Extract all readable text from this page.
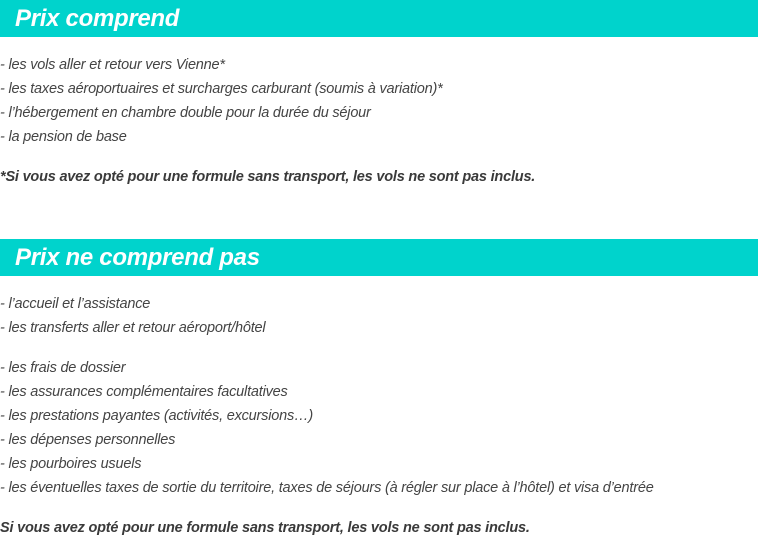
Prix comprend
- les vols aller et retour vers Vienne*
- les taxes aéroportuaires et surcharges carburant (soumis à variation)*
- l’hébergement en chambre double pour la durée du séjour
- la pension de base

*Si vous avez opté pour une formule sans transport, les vols ne sont pas inclus.

Prix ne comprend pas
- l’accueil et l’assistance
- les transferts aller et retour aéroport/hôtel
- les frais de dossier
- les assurances complémentaires facultatives
- les prestations payantes (activités, excursions…)
- les dépenses personnelles
- les pourboires usuels
- les éventuelles taxes de sortie du territoire, taxes de séjours (à régler sur place à l’hôtel) et visa d’entrée

Si vous avez opté pour une formule sans transport, les vols ne sont pas inclus.
